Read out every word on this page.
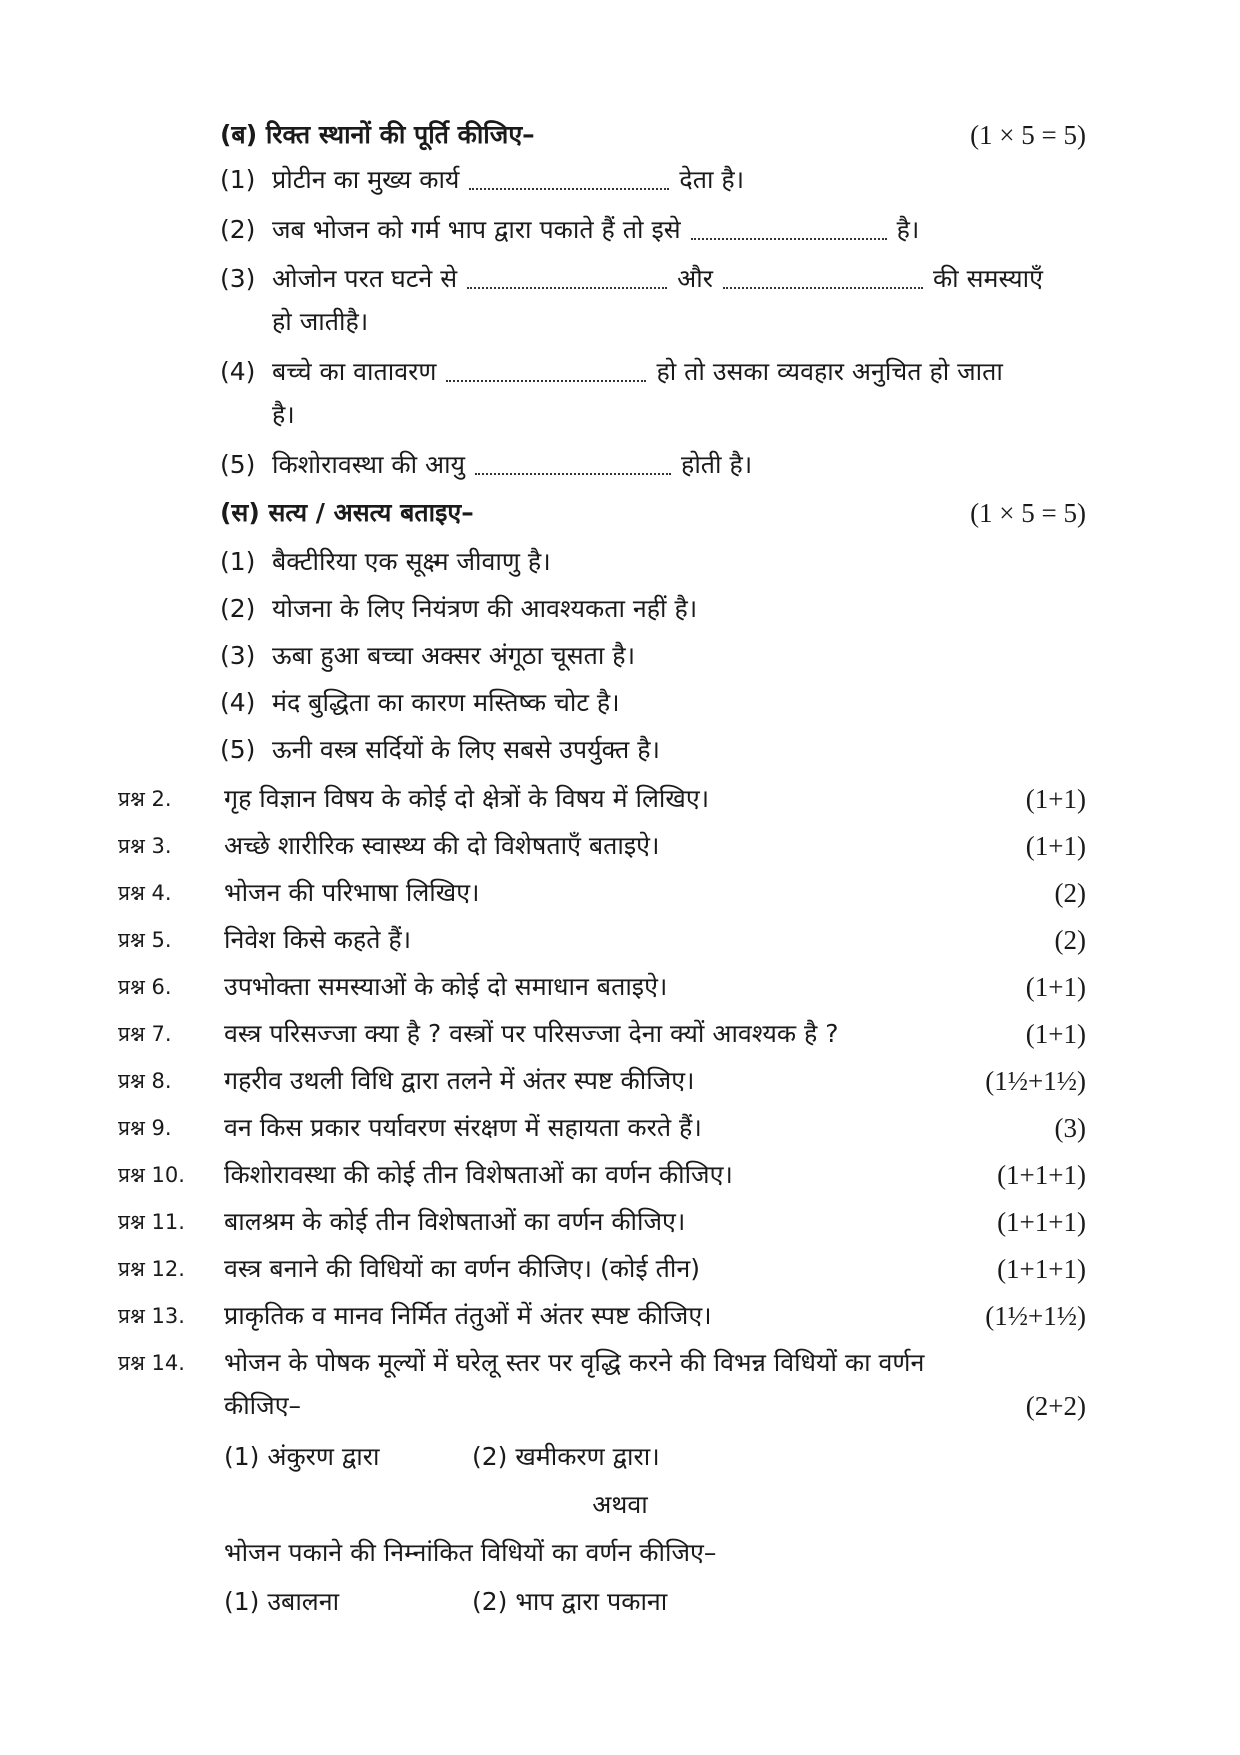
(ब) रिक्त स्थानों की पूर्ति कीजिए–	(1 × 5 = 5)
(1) प्रोटीन का मुख्य कार्य	देता है।
(2) जब भोजन को गर्म भाप द्वारा पकाते हैं तो इसे	है।
(3) ओजोन परत घटने से	और	की समस्याएँ
हो जातीहै।
(4) बच्चे का वातावरण	हो तो उसका व्यवहार अनुचित हो जाता
है।
(5) किशोरावस्था की आयु	होती है।
(स) सत्य / असत्य बताइए–	(1 × 5 = 5)
(1) बैक्टीरिया एक सूक्ष्म जीवाणु है।
(2) योजना के लिए नियंत्रण की आवश्यकता नहीं है।
(3) ऊबा हुआ बच्चा अक्सर अंगूठा चूसता है।
(4) मंद बुद्धिता का कारण मस्तिष्क चोट है।
(5) ऊनी वस्त्र सर्दियों के लिए सबसे उपर्युक्त है।
प्रश्न 2. गृह विज्ञान विषय के कोई दो क्षेत्रों के विषय में लिखिए।	(1+1)
प्रश्न 3. अच्छे शारीरिक स्वास्थ्य की दो विशेषताएँ बताइऐ।	(1+1)
प्रश्न 4. भोजन की परिभाषा लिखिए।	(2)
प्रश्न 5. निवेश किसे कहते हैं।	(2)
प्रश्न 6. उपभोक्ता समस्याओं के कोई दो समाधान बताइऐ।	(1+1)
प्रश्न 7. वस्त्र परिसज्जा क्या है ? वस्त्रों पर परिसज्जा देना क्यों आवश्यक है ?	(1+1)
प्रश्न 8. गहरीव उथली विधि द्वारा तलने में अंतर स्पष्ट कीजिए।	(1½+1½)
प्रश्न 9. वन किस प्रकार पर्यावरण संरक्षण में सहायता करते हैं।	(3)
प्रश्न 10. किशोरावस्था की कोई तीन विशेषताओं का वर्णन कीजिए।	(1+1+1)
प्रश्न 11. बालश्रम के कोई तीन विशेषताओं का वर्णन कीजिए।	(1+1+1)
प्रश्न 12. वस्त्र बनाने की विधियों का वर्णन कीजिए। (कोई तीन)	(1+1+1)
प्रश्न 13. प्राकृतिक व मानव निर्मित तंतुओं में अंतर स्पष्ट कीजिए।	(1½+1½)
प्रश्न 14. भोजन के पोषक मूल्यों में घरेलू स्तर पर वृद्धि करने की विभन्न विधियों का वर्णन
कीजिए–	(2+2)
(1) अंकुरण द्वारा	(2) खमीकरण द्वारा।
अथवा
भोजन पकाने की निम्नांकित विधियों का वर्णन कीजिए–
(1) उबालना	(2) भाप द्वारा पकाना
